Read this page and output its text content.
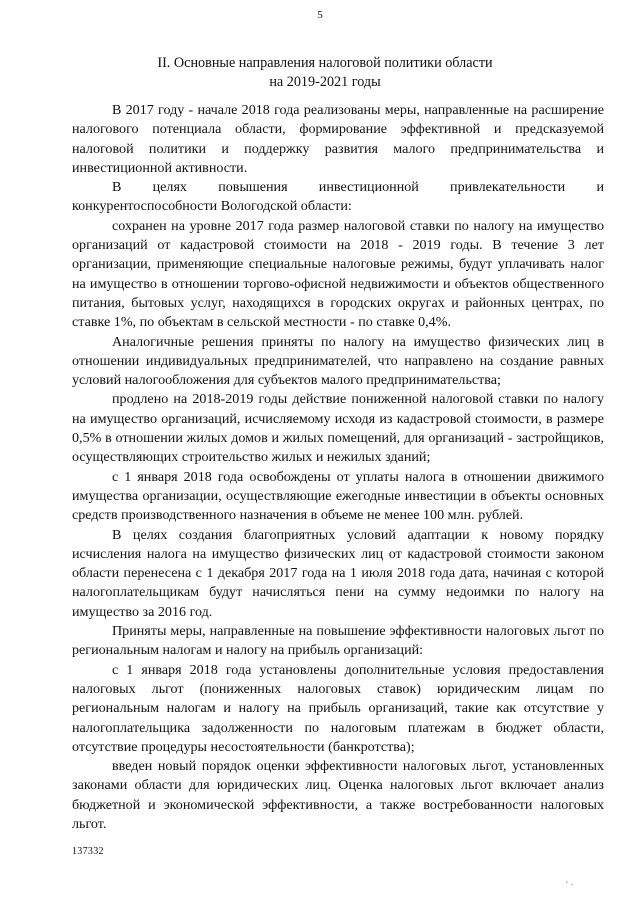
5
II. Основные направления налоговой политики области
на 2019-2021 годы

В 2017 году - начале 2018 года реализованы меры, направленные на расширение налогового потенциала области, формирование эффективной и предсказуемой налоговой политики и поддержку развития малого предпринимательства и инвестиционной активности.

В целях повышения инвестиционной привлекательности и конкурентоспособности Вологодской области:

сохранен на уровне 2017 года размер налоговой ставки по налогу на имущество организаций от кадастровой стоимости на 2018 - 2019 годы. В течение 3 лет организации, применяющие специальные налоговые режимы, будут уплачивать налог на имущество в отношении торгово-офисной недвижимости и объектов общественного питания, бытовых услуг, находящихся в городских округах и районных центрах, по ставке 1%, по объектам в сельской местности - по ставке 0,4%.

Аналогичные решения приняты по налогу на имущество физических лиц в отношении индивидуальных предпринимателей, что направлено на создание равных условий налогообложения для субъектов малого предпринимательства;

продлено на 2018-2019 годы действие пониженной налоговой ставки по налогу на имущество организаций, исчисляемому исходя из кадастровой стоимости, в размере 0,5% в отношении жилых домов и жилых помещений, для организаций - застройщиков, осуществляющих строительство жилых и нежилых зданий;

с 1 января 2018 года освобождены от уплаты налога в отношении движимого имущества организации, осуществляющие ежегодные инвестиции в объекты основных средств производственного назначения в объеме не менее 100 млн. рублей.

В целях создания благоприятных условий адаптации к новому порядку исчисления налога на имущество физических лиц от кадастровой стоимости законом области перенесена с 1 декабря 2017 года на 1 июля 2018 года дата, начиная с которой налогоплательщикам будут начисляться пени на сумму недоимки по налогу на имущество за 2016 год.

Приняты меры, направленные на повышение эффективности налоговых льгот по региональным налогам и налогу на прибыль организаций:

с 1 января 2018 года установлены дополнительные условия предоставления налоговых льгот (пониженных налоговых ставок) юридическим лицам по региональным налогам и налогу на прибыль организаций, такие как отсутствие у налогоплательщика задолженности по налоговым платежам в бюджет области, отсутствие процедуры несостоятельности (банкротства);

введен новый порядок оценки эффективности налоговых льгот, установленных законами области для юридических лиц. Оценка налоговых льгот включает анализ бюджетной и экономической эффективности, а также востребованности налоговых льгот.

137332
' ·
